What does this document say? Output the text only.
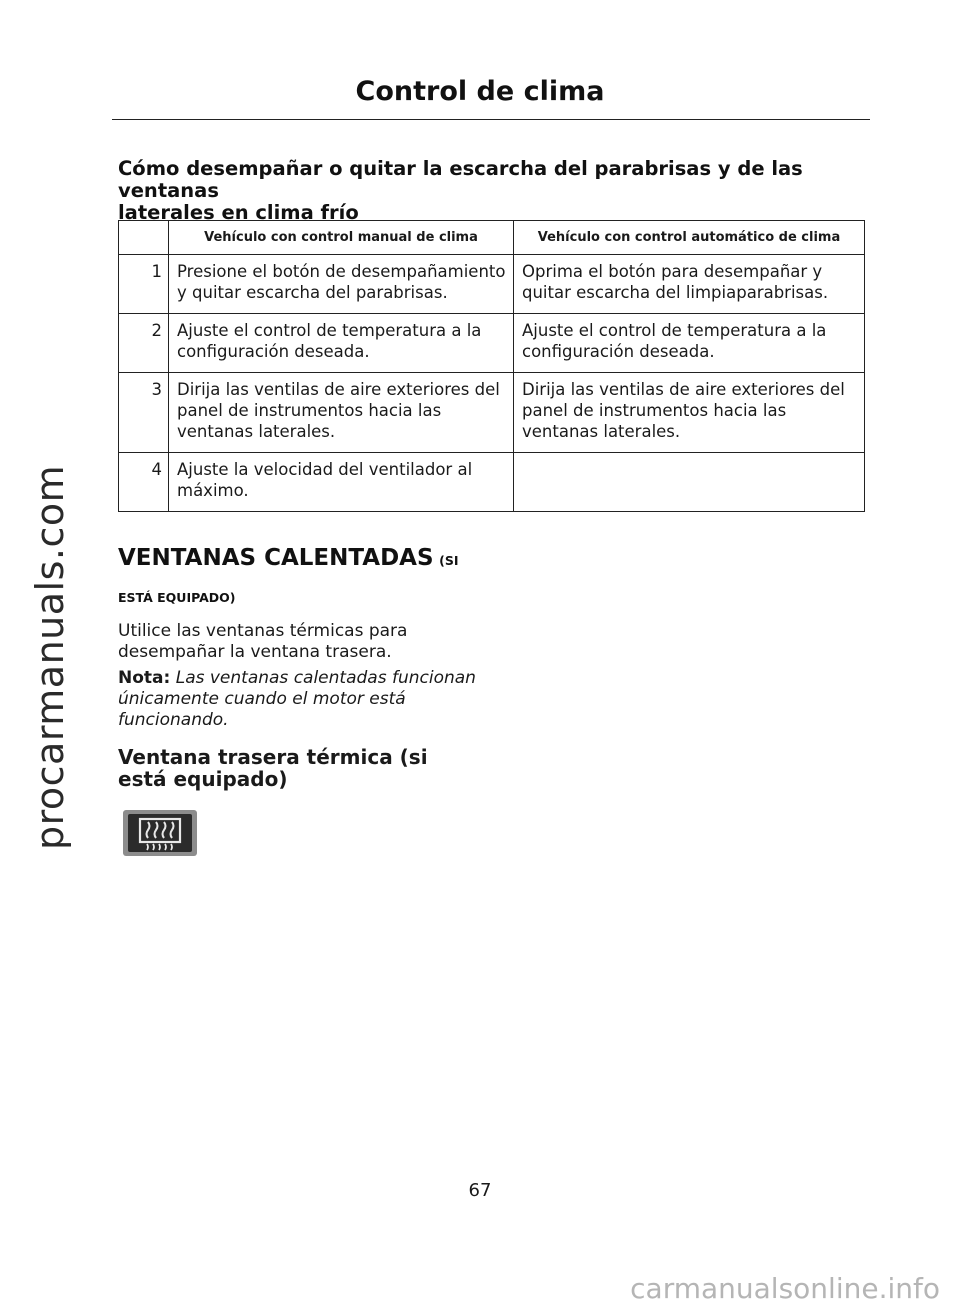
procarmanuals.com
Control de clima
Cómo desempañar o quitar la escarcha del parabrisas y de las ventanas
laterales en clima frío
	Vehículo con control manual de clima	Vehículo con control automático de clima
1	Presione el botón de desempañamiento y quitar escarcha del parabrisas.	Oprima el botón para desempañar y quitar escarcha del limpiaparabrisas.
2	Ajuste el control de temperatura a la configuración deseada.	Ajuste el control de temperatura a la configuración deseada.
3	Dirija las ventilas de aire exteriores del panel de instrumentos hacia las ventanas laterales.	Dirija las ventilas de aire exteriores del panel de instrumentos hacia las ventanas laterales.
4	Ajuste la velocidad del ventilador al máximo.	
VENTANAS CALENTADAS (SI
ESTÁ EQUIPADO)
Utilice las ventanas térmicas para desempañar la ventana trasera.
Nota: Las ventanas calentadas funcionan únicamente cuando el motor está funcionando.
Ventana trasera térmica (si está equipado)
67
carmanualsonline.info
